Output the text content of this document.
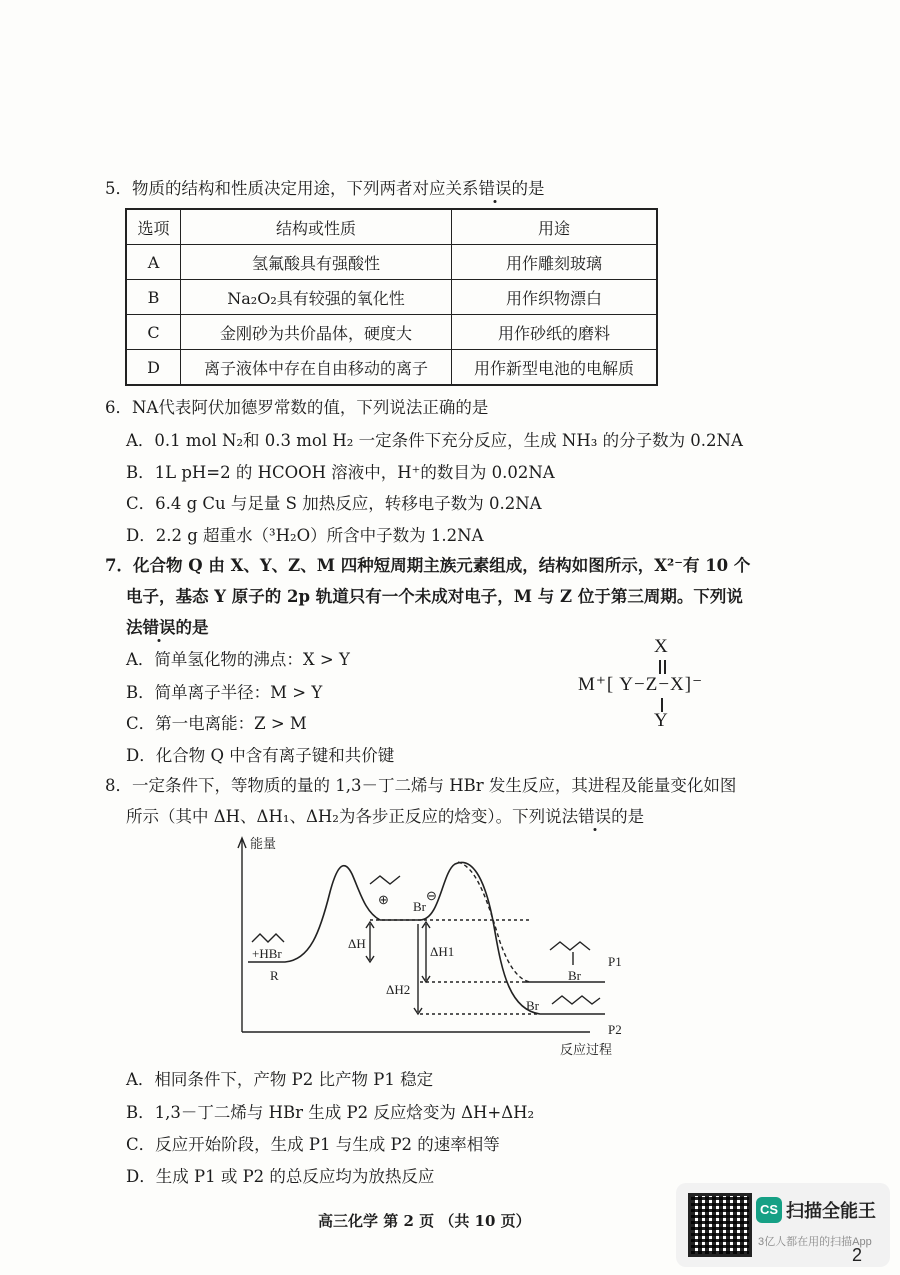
5．物质的结构和性质决定用途，下列两者对应关系错误的是
选项	结构或性质	用途
A	氢氟酸具有强酸性	用作雕刻玻璃
B	Na₂O₂具有较强的氧化性	用作织物漂白
C	金刚砂为共价晶体，硬度大	用作砂纸的磨料
D	离子液体中存在自由移动的离子	用作新型电池的电解质
6．NA代表阿伏加德罗常数的值，下列说法正确的是
A．0.1 mol N₂和 0.3 mol H₂ 一定条件下充分反应，生成 NH₃ 的分子数为 0.2NA
B．1L pH=2 的 HCOOH 溶液中，H⁺的数目为 0.02NA
C．6.4 g Cu 与足量 S 加热反应，转移电子数为 0.2NA
D．2.2 g 超重水（³H₂O）所含中子数为 1.2NA
7．化合物 Q 由 X、Y、Z、M 四种短周期主族元素组成，结构如图所示，X²⁻有 10 个
电子，基态 Y 原子的 2p 轨道只有一个未成对电子，M 与 Z 位于第三周期。下列说
法错误的是
A．简单氢化物的沸点：X > Y
B．简单离子半径：M > Y
C．第一电离能：Z > M
D．化合物 Q 中含有离子键和共价键
X
M⁺[ Y−Z−X]⁻
Y
8．一定条件下，等物质的量的 1,3－丁二烯与 HBr 发生反应，其进程及能量变化如图
所示（其中 ΔH、ΔH₁、ΔH₂为各步正反应的焓变）。下列说法错误的是
能量
反应过程
+HBr
R
P1
P2
ΔH
ΔH1
ΔH2
Br
⊕	⊖
Br
Br
A．相同条件下，产物 P2 比产物 P1 稳定
B．1,3－丁二烯与 HBr 生成 P2 反应焓变为 ΔH+ΔH₂
C．反应开始阶段，生成 P1 与生成 P2 的速率相等
D．生成 P1 或 P2 的总反应均为放热反应
高三化学 第 2 页 （共 10 页）
CS 扫描全能王
3亿人都在用的扫描App
2
